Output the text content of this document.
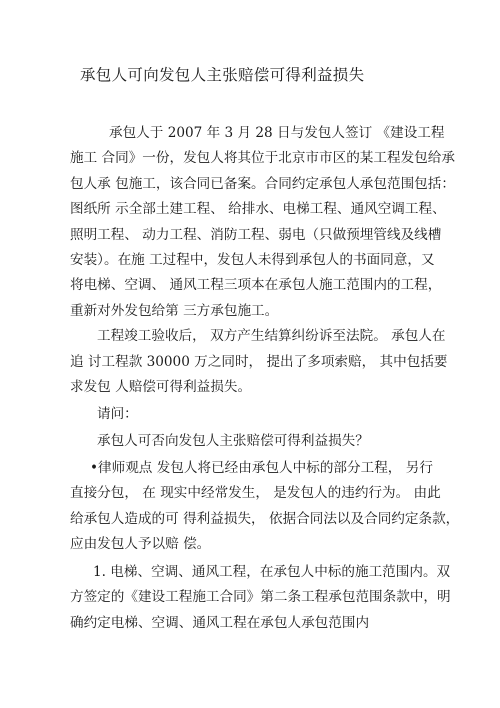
承包人可向发包人主张赔偿可得利益损失
承包人于 2007 年 3 月 28 日与发包人签订 《建设工程
施工 合同》一份，发包人将其位于北京市市区的某工程发包给承
包人承 包施工，该合同已备案。合同约定承包人承包范围包括：
图纸所 示全部土建工程、 给排水、电梯工程、通风空调工程、
照明工程、 动力工程、消防工程、弱电（只做预埋管线及线槽
安装）。在施 工过程中，发包人未得到承包人的书面同意，又
将电梯、空调、 通风工程三项本在承包人施工范围内的工程，
重新对外发包给第 三方承包施工。
工程竣工验收后， 双方产生结算纠纷诉至法院。 承包人在
追 讨工程款 30000 万之同时， 提出了多项索赔， 其中包括要
求发包 人赔偿可得利益损失。
请问：
承包人可否向发包人主张赔偿可得利益损失？
•律师观点 发包人将已经由承包人中标的部分工程， 另行
直接分包， 在 现实中经常发生， 是发包人的违约行为。 由此
给承包人造成的可 得利益损失， 依据合同法以及合同约定条款，
应由发包人予以赔 偿。
1. 电梯、空调、通风工程，在承包人中标的施工范围内。双
方签定的《建设工程施工合同》第二条工程承包范围条款中，明
确约定电梯、空调、通风工程在承包人承包范围内
